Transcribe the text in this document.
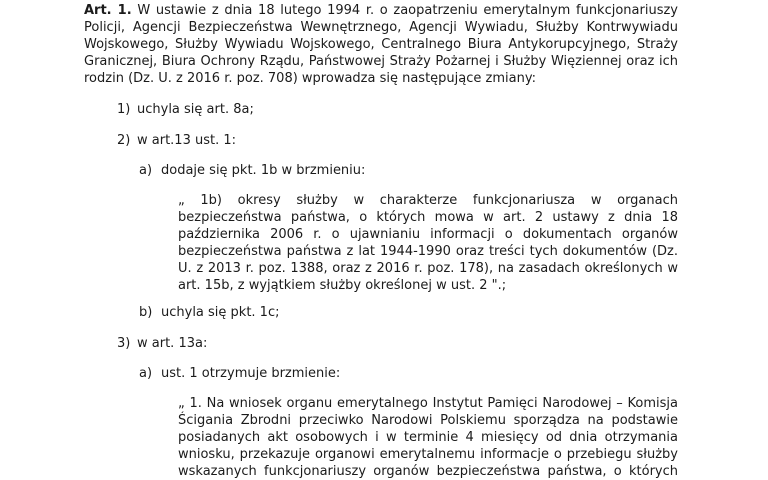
Art. 1. W ustawie z dnia 18 lutego 1994 r. o zaopatrzeniu emerytalnym funkcjonariuszy Policji, Agencji Bezpieczeństwa Wewnętrznego, Agencji Wywiadu, Służby Kontrwywiadu Wojskowego, Służby Wywiadu Wojskowego, Centralnego Biura Antykorupcyjnego, Straży Granicznej, Biura Ochrony Rządu, Państwowej Straży Pożarnej i Służby Więziennej oraz ich rodzin (Dz. U. z 2016 r. poz. 708) wprowadza się następujące zmiany:

1) uchyla się art. 8a;
2) w art.13 ust. 1:
a) dodaje się pkt. 1b w brzmieniu:

„ 1b) okresy służby w charakterze funkcjonariusza w organach bezpieczeństwa państwa, o których mowa w art. 2 ustawy z dnia 18 października 2006 r. o ujawnianiu informacji o dokumentach organów bezpieczeństwa państwa z lat 1944-1990 oraz treści tych dokumentów (Dz. U. z 2013 r. poz. 1388, oraz z 2016 r. poz. 178), na zasadach określonych w art. 15b, z wyjątkiem służby określonej w ust. 2 ".;

b) uchyla się pkt. 1c;
3) w art. 13a:
a) ust. 1 otrzymuje brzmienie:

„ 1. Na wniosek organu emerytalnego Instytut Pamięci Narodowej – Komisja Ścigania Zbrodni przeciwko Narodowi Polskiemu sporządza na podstawie posiadanych akt osobowych i w terminie 4 miesięcy od dnia otrzymania wniosku, przekazuje organowi emerytalnemu informacje o przebiegu służby wskazanych funkcjonariuszy organów bezpieczeństwa państwa, o których
